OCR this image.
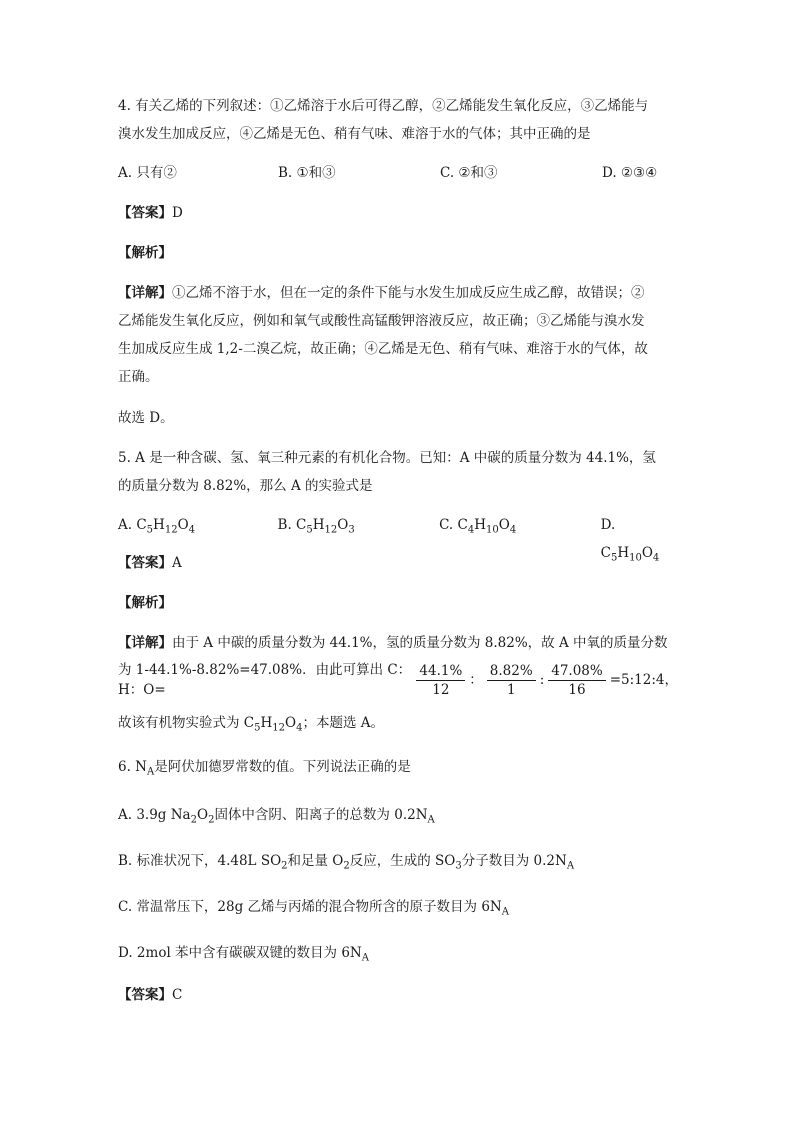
4. 有关乙烯的下列叙述：①乙烯溶于水后可得乙醇，②乙烯能发生氧化反应，③乙烯能与
溴水发生加成反应，④乙烯是无色、稍有气味、难溶于水的气体；其中正确的是
A. 只有②	B. ①和③	C. ②和③	D. ②③④
【答案】D
【解析】
【详解】①乙烯不溶于水，但在一定的条件下能与水发生加成反应生成乙醇，故错误；②
乙烯能发生氧化反应，例如和氧气或酸性高锰酸钾溶液反应，故正确；③乙烯能与溴水发
生加成反应生成 1,2-二溴乙烷，故正确；④乙烯是无色、稍有气味、难溶于水的气体，故
正确。
故选 D。
5. A 是一种含碳、氢、氧三种元素的有机化合物。已知：A 中碳的质量分数为 44.1%，氢
的质量分数为 8.82%，那么 A 的实验式是
A. $C_5H_{12}O_4$	B. $C_5H_{12}O_3$	C. $C_4H_{10}O_4$	D. $C_5H_{10}O_4$
【答案】A
【解析】
【详解】由于 A 中碳的质量分数为 44.1%，氢的质量分数为 8.82%，故 A 中氧的质量分数
为 1-44.1%-8.82%=47.08%．由此可算出 C：H：O=	$\frac{44.1\%}{12}$ ： $\frac{8.82\%}{1}$ : $\frac{47.08\%}{16}$ =5:12:4，
故该有机物实验式为 $C_5H_{12}O_4$；本题选 A。
6. $N_A$是阿伏加德罗常数的值。下列说法正确的是
A. 3.9g $Na_2O_2$固体中含阴、阳离子的总数为 $0.2N_A$
B. 标准状况下，4.48L $SO_2$和足量 $O_2$反应，生成的 $SO_3$分子数目为 $0.2N_A$
C. 常温常压下，28g 乙烯与丙烯的混合物所含的原子数目为 $6N_A$
D. 2mol 苯中含有碳碳双键的数目为 $6N_A$
【答案】C
